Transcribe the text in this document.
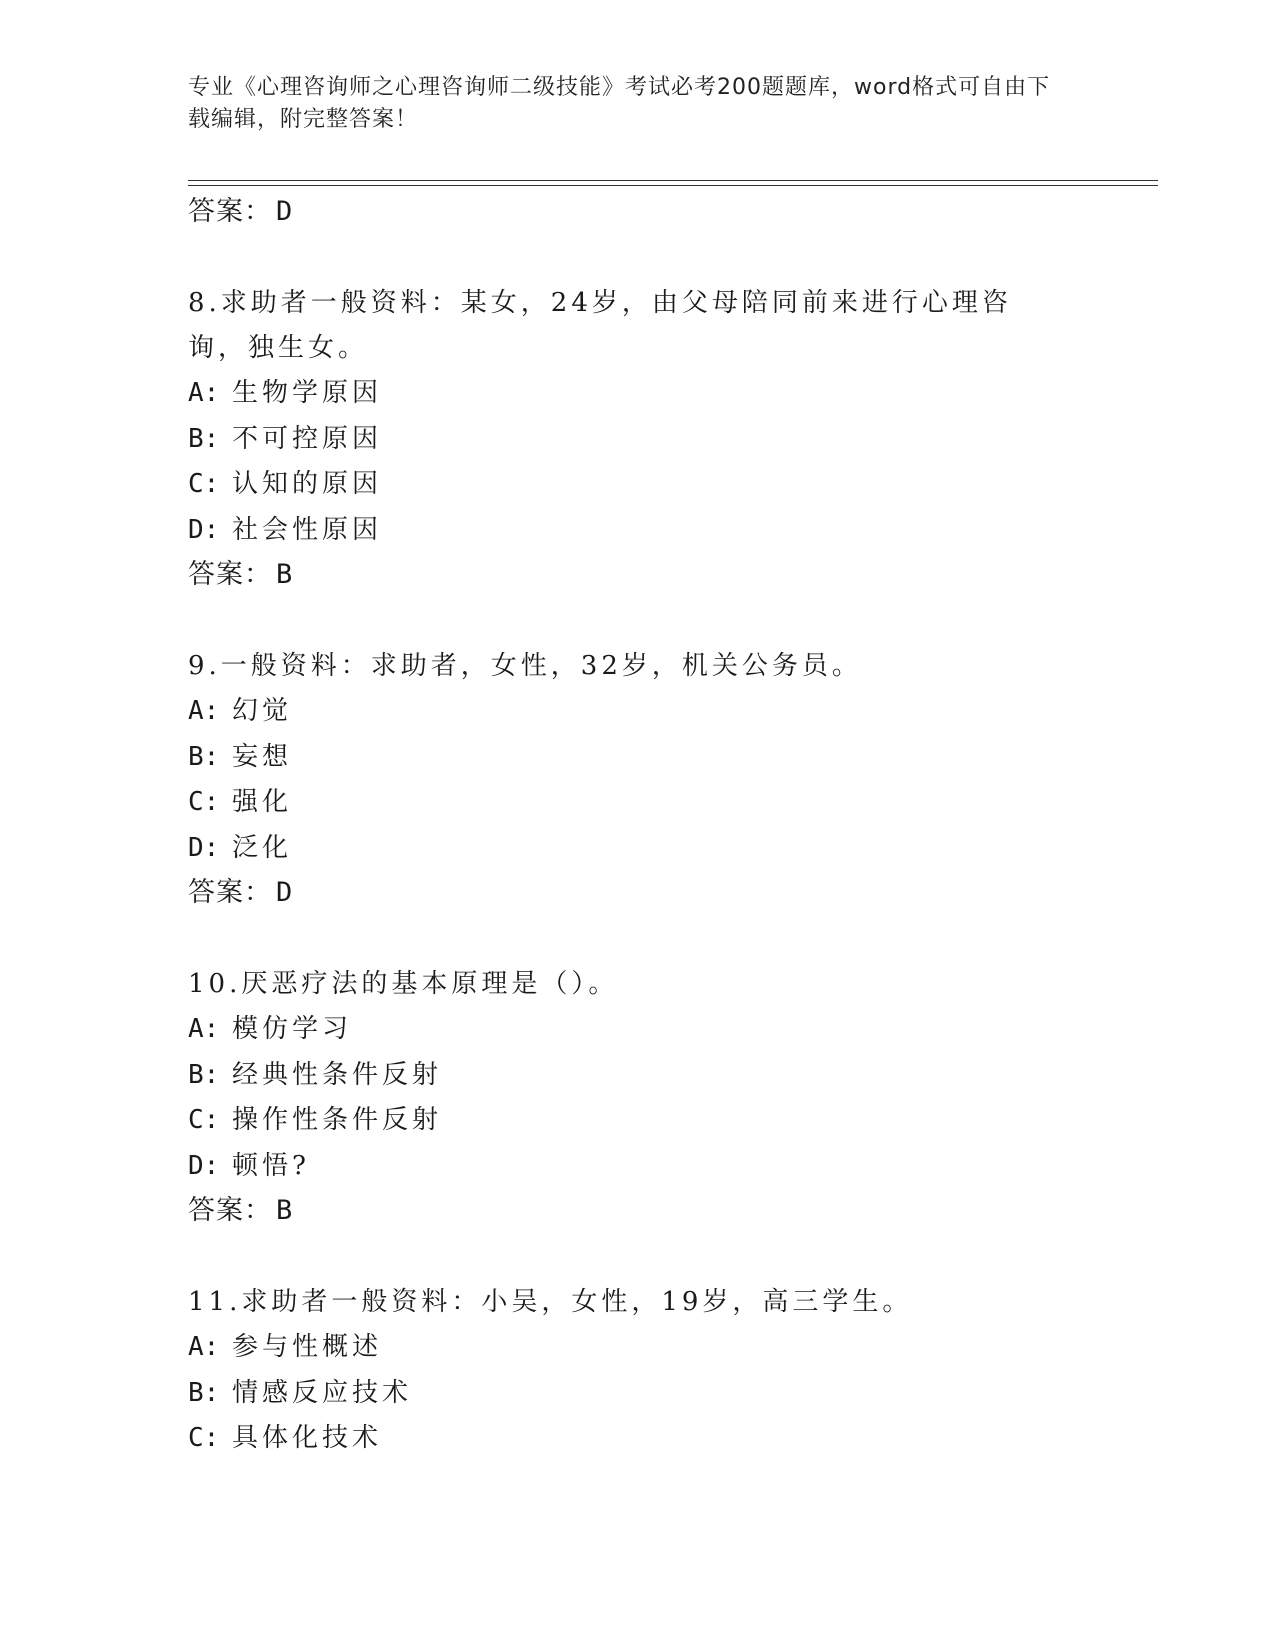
专业《心理咨询师之心理咨询师二级技能》考试必考200题题库，word格式可自由下载编辑，附完整答案！
答案： D
8.求助者一般资料：某女，24岁，由父母陪同前来进行心理咨询，独生女。
A: 生物学原因
B: 不可控原因
C: 认知的原因
D: 社会性原因
答案： B
9.一般资料：求助者，女性，32岁，机关公务员。
A: 幻觉
B: 妄想
C: 强化
D: 泛化
答案： D
10.厌恶疗法的基本原理是（）。
A: 模仿学习
B: 经典性条件反射
C: 操作性条件反射
D: 顿悟?
答案： B
11.求助者一般资料：小吴，女性，19岁，高三学生。
A: 参与性概述
B: 情感反应技术
C: 具体化技术
